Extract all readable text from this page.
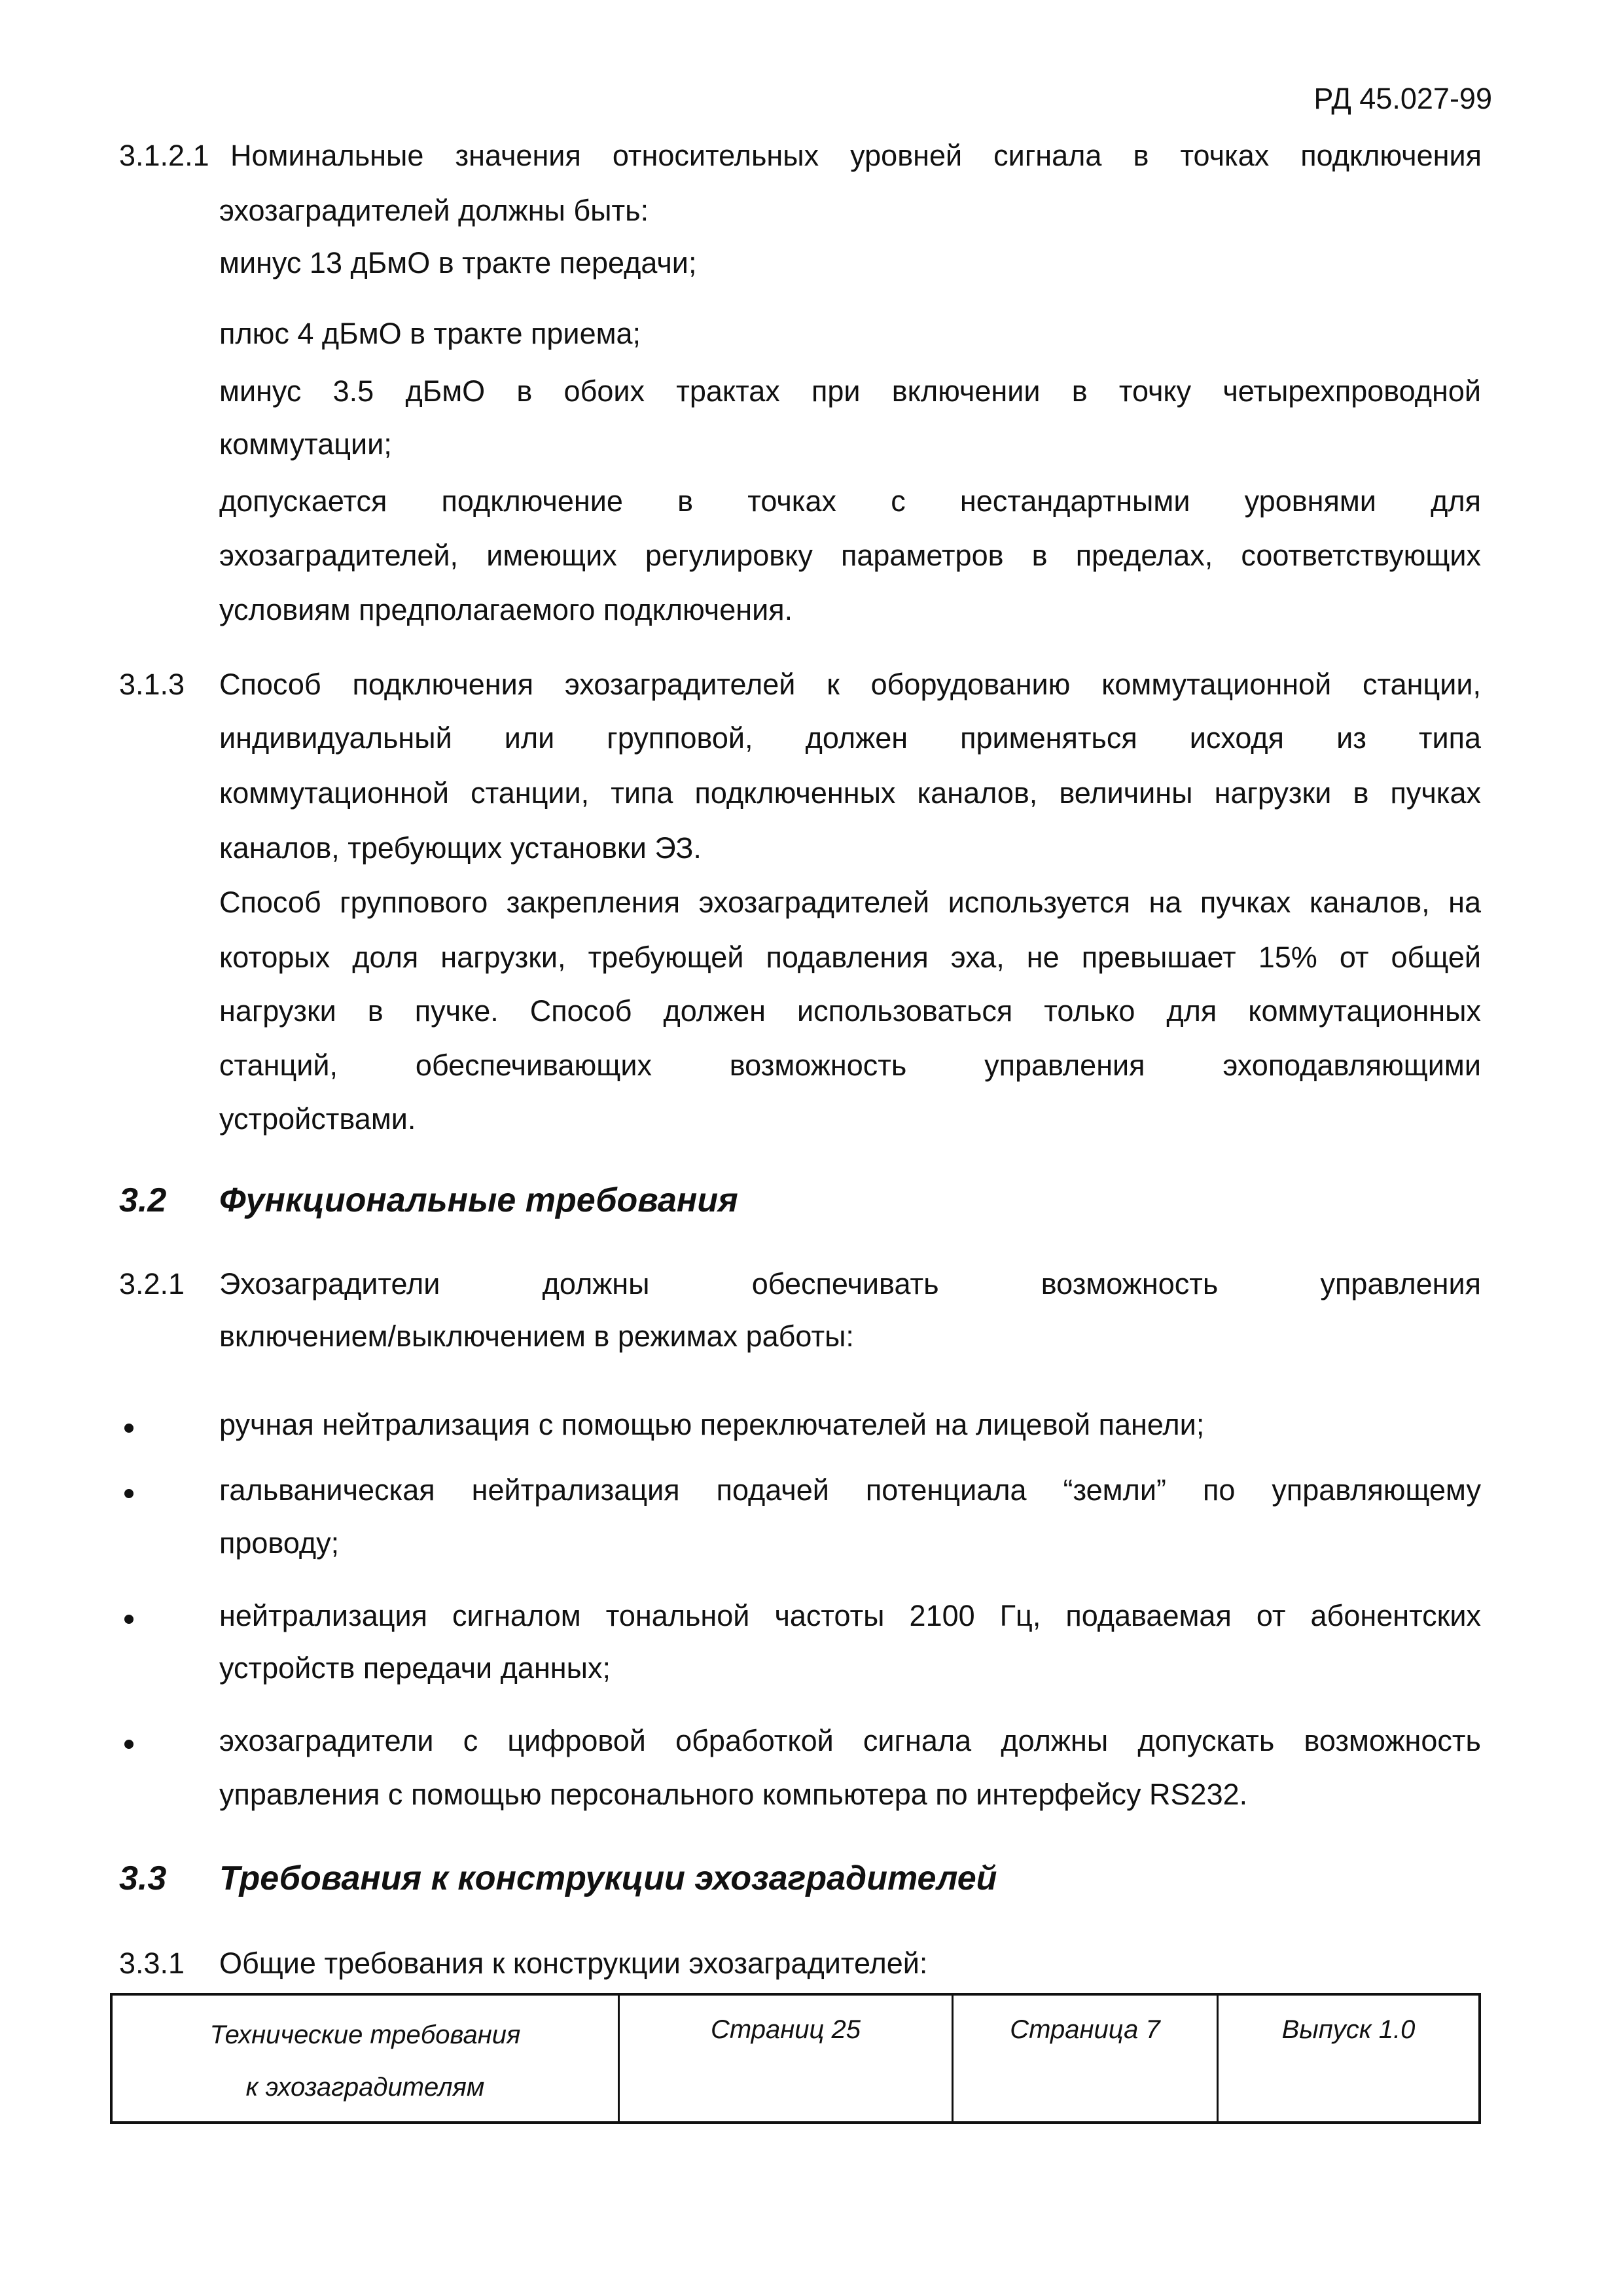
РД 45.027-99
3.1.2.1 Номинальные значения относительных уровней сигнала в точках подключения

эхозаградителей должны быть:

минус 13 дБмО в тракте передачи;

плюс 4 дБмО в тракте приема;

минус 3.5 дБмО в обоих трактах при включении в точку четырехпроводной

коммутации;

допускается подключение в точках с нестандартными уровнями для

эхозаградителей, имеющих регулировку параметров в пределах, соответствующих

условиям предполагаемого подключения.

3.1.3 Способ подключения эхозаградителей к оборудованию коммутационной станции,

индивидуальный или групповой, должен применяться исходя из типа

коммутационной станции, типа подключенных каналов, величины нагрузки в пучках

каналов, требующих установки ЭЗ.

Способ группового закрепления эхозаградителей используется на пучках каналов, на

которых доля нагрузки, требующей подавления эха, не превышает 15% от общей

нагрузки в пучке. Способ должен использоваться только для коммутационных

станций, обеспечивающих возможность управления эхоподавляющими

устройствами.

3.2 Функциональные требования
3.2.1 Эхозаградители должны обеспечивать возможность управления

включением/выключением в режимах работы:

ручная нейтрализация с помощью переключателей на лицевой панели;

гальваническая нейтрализация подачей потенциала “земли” по управляющему

проводу;

нейтрализация сигналом тональной частоты 2100 Гц, подаваемая от абонентских

устройств передачи данных;

эхозаградители с цифровой обработкой сигнала должны допускать возможность

управления с помощью персонального компьютера по интерфейсу RS232.

3.3 Требования к конструкции эхозаградителей
3.3.1 Общие требования к конструкции эхозаградителей:

Технические требования
к эхозаградителям
	Страниц 25	Страница 7	Выпуск 1.0
